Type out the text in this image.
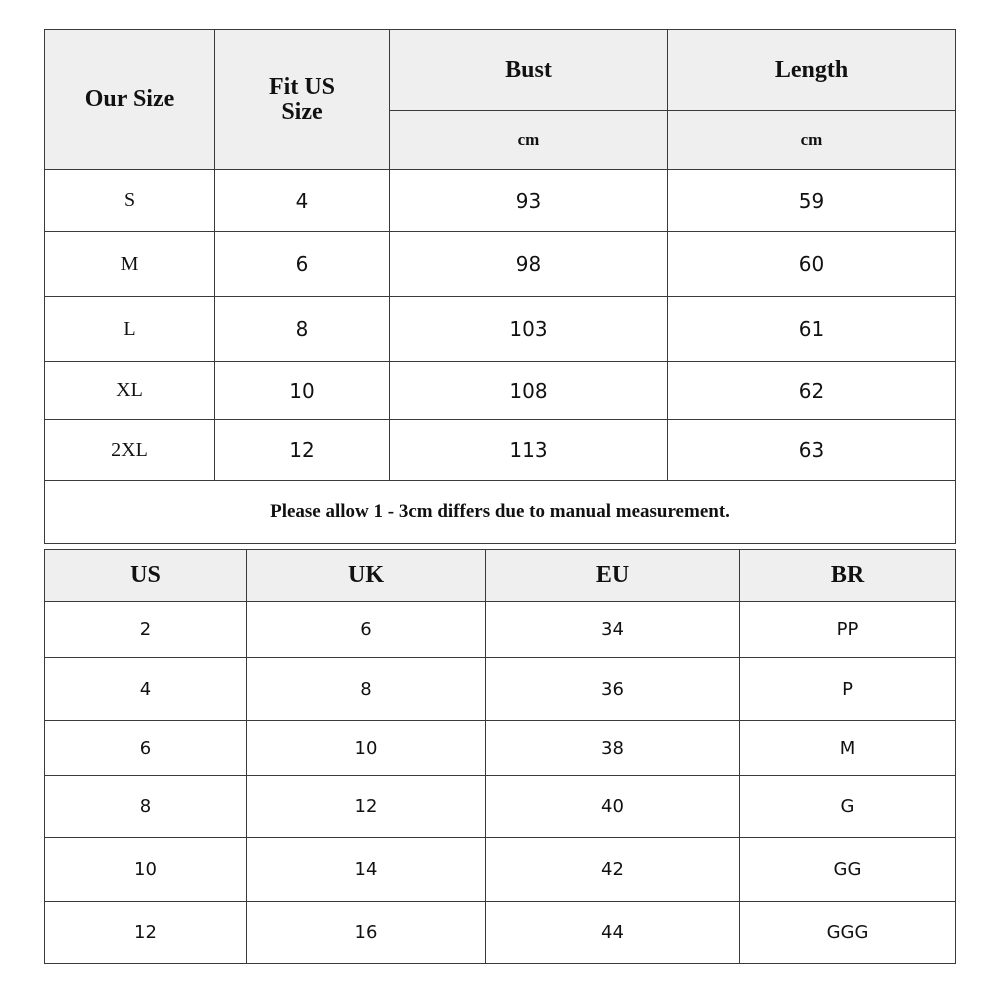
Our Size	Fit US Size	Bust	Length
		cm	cm
S	4	93	59
M	6	98	60
L	8	103	61
XL	10	108	62
2XL	12	113	63
Please allow 1 - 3cm differs due to manual measurement.			
US	UK	EU	BR
2	6	34	PP
4	8	36	P
6	10	38	M
8	12	40	G
10	14	42	GG
12	16	44	GGG
